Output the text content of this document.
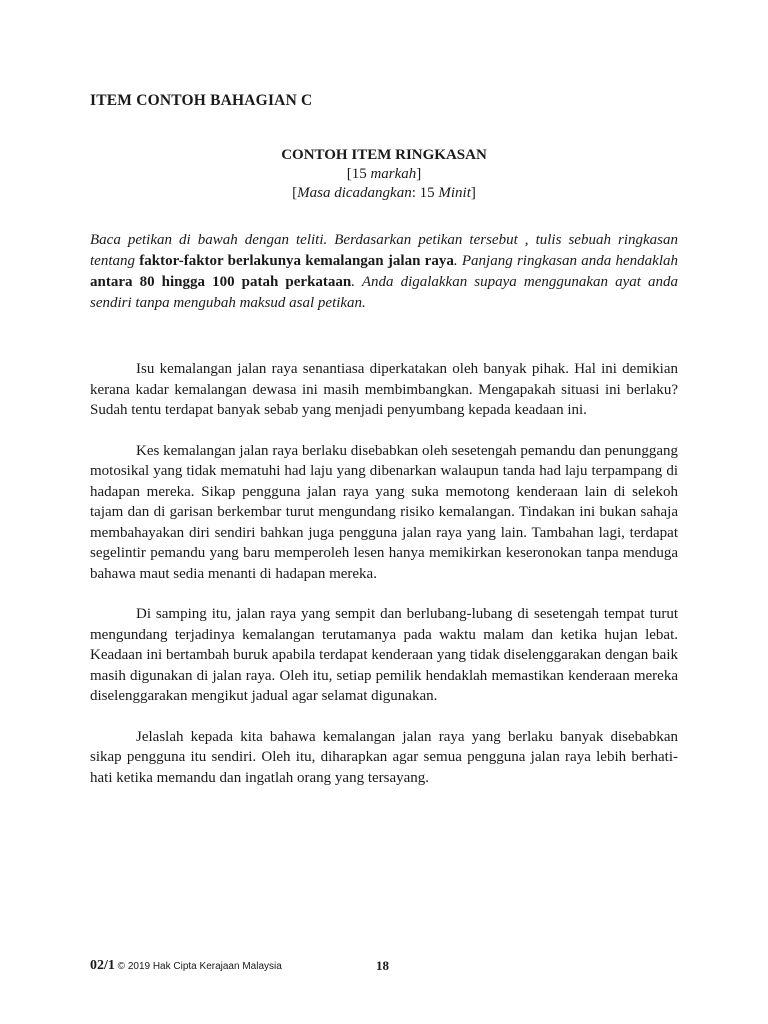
ITEM CONTOH BAHAGIAN C
CONTOH ITEM RINGKASAN
[15 markah]
[Masa dicadangkan: 15 Minit]
Baca petikan di bawah dengan teliti. Berdasarkan petikan tersebut , tulis sebuah ringkasan tentang faktor-faktor berlakunya kemalangan jalan raya. Panjang ringkasan anda hendaklah antara 80 hingga 100 patah perkataan. Anda digalakkan supaya menggunakan ayat anda sendiri tanpa mengubah maksud asal petikan.

Isu kemalangan jalan raya senantiasa diperkatakan oleh banyak pihak. Hal ini demikian kerana kadar kemalangan dewasa ini masih membimbangkan. Mengapakah situasi ini berlaku? Sudah tentu terdapat banyak sebab yang menjadi penyumbang kepada keadaan ini.

Kes kemalangan jalan raya berlaku disebabkan oleh sesetengah pemandu dan penunggang motosikal yang tidak mematuhi had laju yang dibenarkan walaupun tanda had laju terpampang di hadapan mereka. Sikap pengguna jalan raya yang suka memotong kenderaan lain di selekoh tajam dan di garisan berkembar turut mengundang risiko kemalangan. Tindakan ini bukan sahaja membahayakan diri sendiri bahkan juga pengguna jalan raya yang lain. Tambahan lagi, terdapat segelintir pemandu yang baru memperoleh lesen hanya memikirkan keseronokan tanpa menduga bahawa maut sedia menanti di hadapan mereka.

Di samping itu, jalan raya yang sempit dan berlubang-lubang di sesetengah tempat turut mengundang terjadinya kemalangan terutamanya pada waktu malam dan ketika hujan lebat. Keadaan ini bertambah buruk apabila terdapat kenderaan yang tidak diselenggarakan dengan baik masih digunakan di jalan raya. Oleh itu, setiap pemilik hendaklah memastikan kenderaan mereka diselenggarakan mengikut jadual agar selamat digunakan.

Jelaslah kepada kita bahawa kemalangan jalan raya yang berlaku banyak disebabkan sikap pengguna itu sendiri. Oleh itu, diharapkan agar semua pengguna jalan raya lebih berhati-hati ketika memandu dan ingatlah orang yang tersayang.

02/1 © 2019 Hak Cipta Kerajaan Malaysia	18
